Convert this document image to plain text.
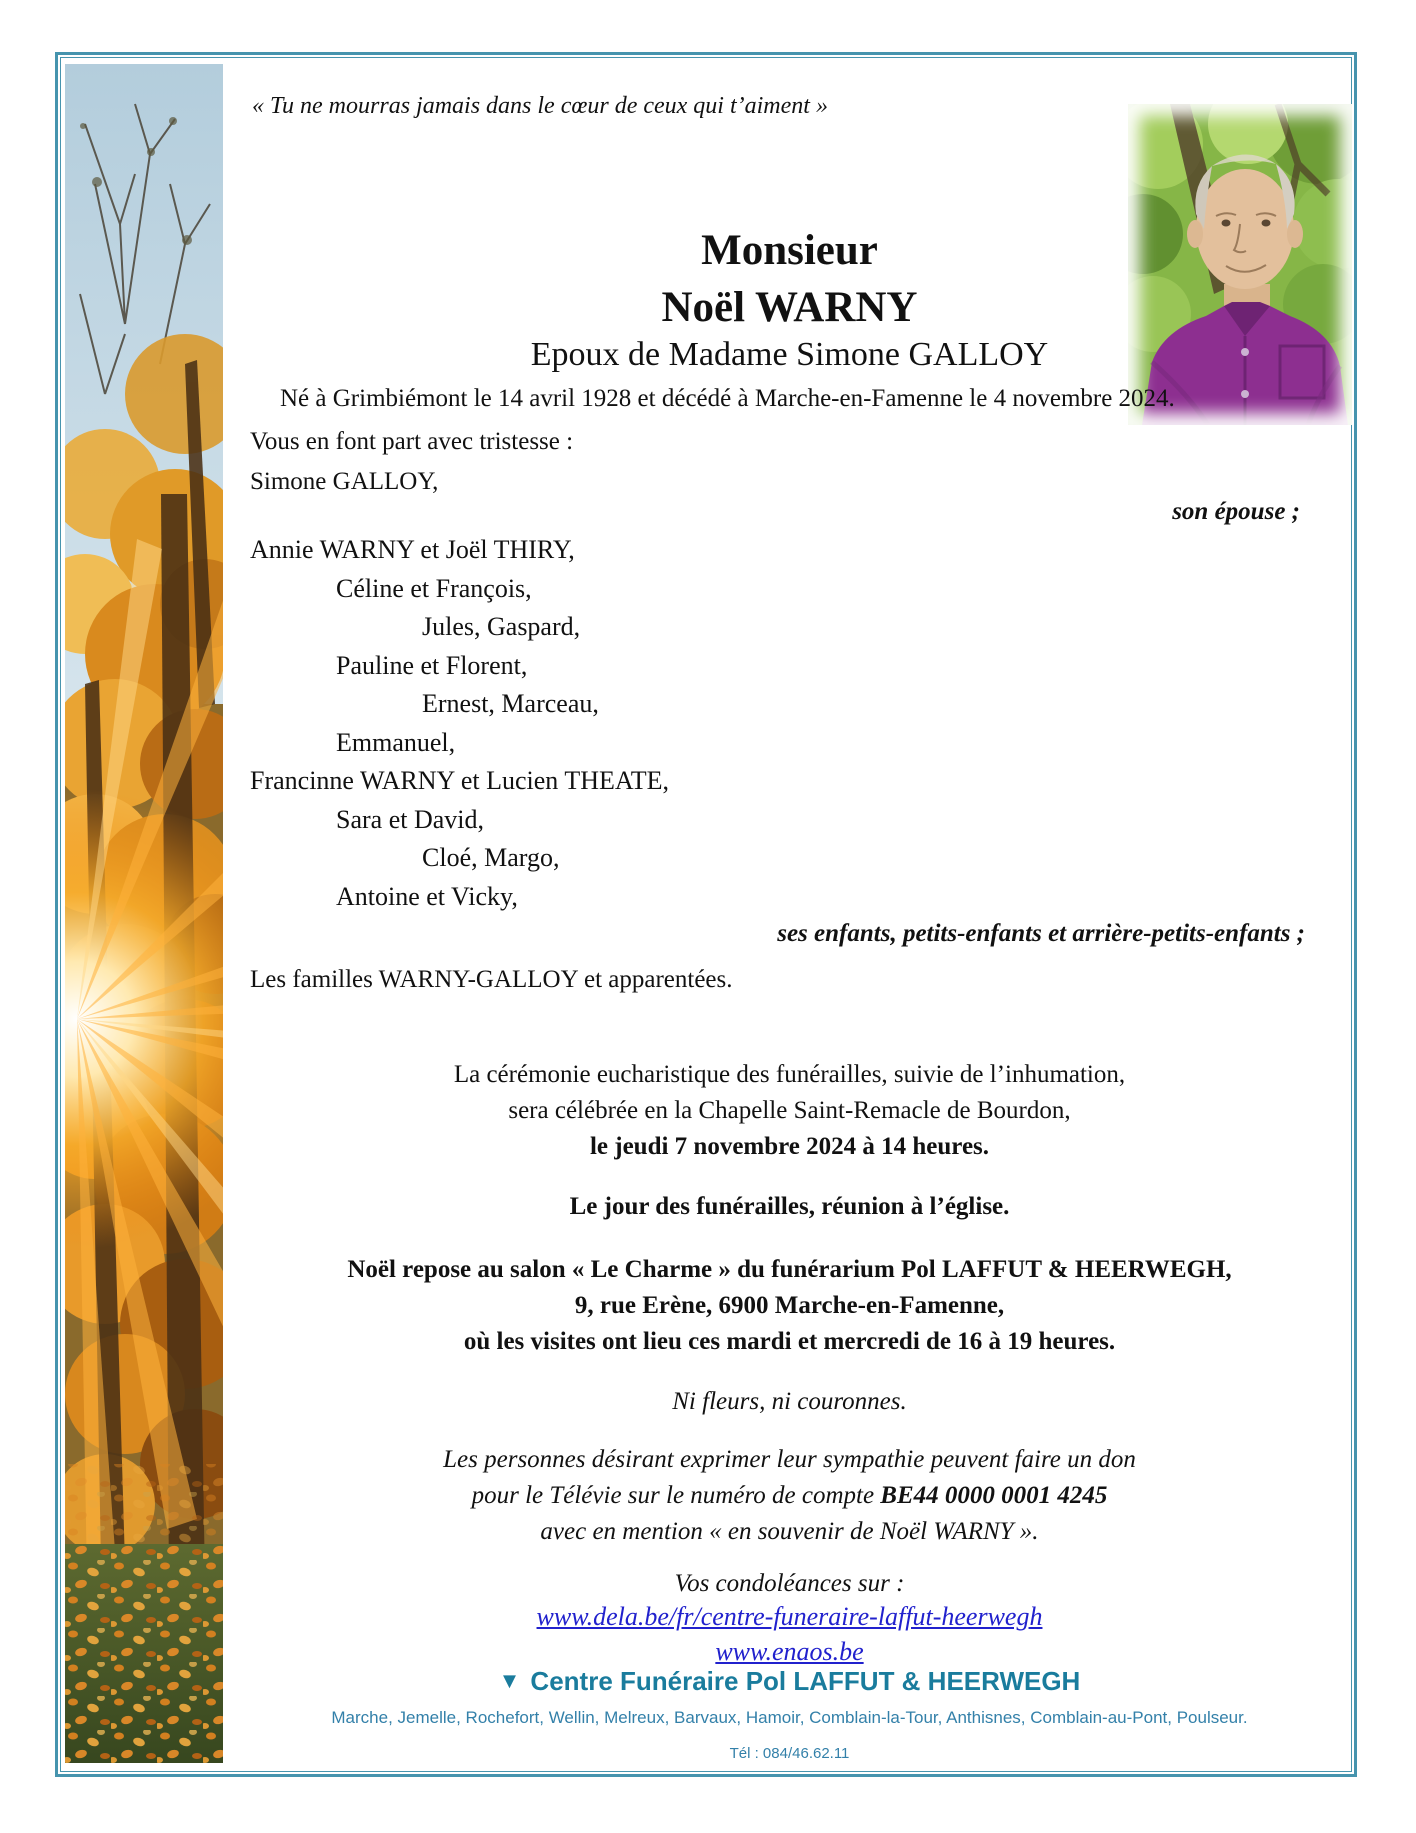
« Tu ne mourras jamais dans le cœur de ceux qui t’aiment »
Monsieur
Noël WARNY
Epoux de Madame Simone GALLOY
Né à Grimbiémont le 14 avril 1928 et décédé à Marche-en-Famenne le 4 novembre 2024.
Vous en font part avec tristesse :
Simone GALLOY,
son épouse ;
Annie WARNY et Joël THIRY,
Céline et François,
Jules, Gaspard,
Pauline et Florent,
Ernest, Marceau,
Emmanuel,
Francinne WARNY et Lucien THEATE,
Sara et David,
Cloé, Margo,
Antoine et Vicky,
ses enfants, petits-enfants et arrière-petits-enfants ;
Les familles WARNY-GALLOY et apparentées.
La cérémonie eucharistique des funérailles, suivie de l’inhumation,
sera célébrée en la Chapelle Saint-Remacle de Bourdon,
le jeudi 7 novembre 2024 à 14 heures.
Le jour des funérailles, réunion à l’église.
Noël repose au salon « Le Charme » du funérarium Pol LAFFUT & HEERWEGH,
9, rue Erène, 6900 Marche-en-Famenne,
où les visites ont lieu ces mardi et mercredi de 16 à 19 heures.
Ni fleurs, ni couronnes.
Les personnes désirant exprimer leur sympathie peuvent faire un don
pour le Télévie sur le numéro de compte BE44 0000 0001 4245
avec en mention « en souvenir de Noël WARNY ».
Vos condoléances sur :
www.dela.be/fr/centre-funeraire-laffut-heerwegh
www.enaos.be
▼ Centre Funéraire Pol LAFFUT & HEERWEGH
Marche, Jemelle, Rochefort, Wellin, Melreux, Barvaux, Hamoir, Comblain-la-Tour, Anthisnes, Comblain-au-Pont, Poulseur.
Tél : 084/46.62.11
